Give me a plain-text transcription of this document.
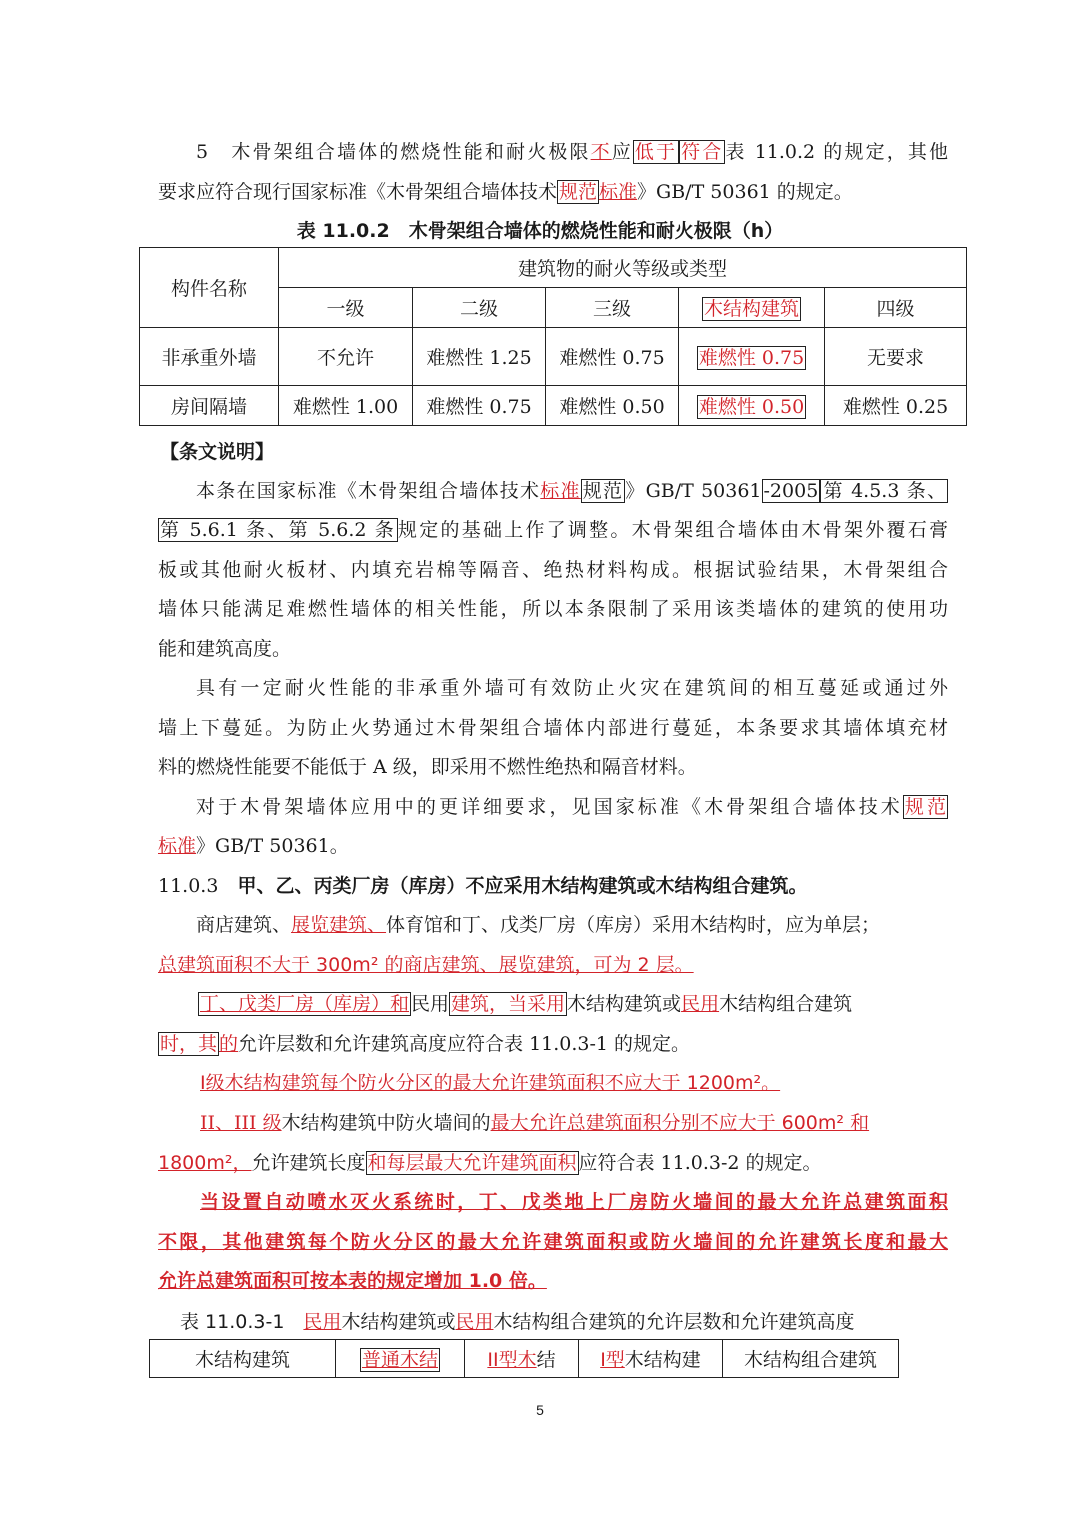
5　木骨架组合墙体的燃烧性能和耐火极限不应 低于 符合 表 11.0.2 的规定，其他
要求应符合现行国家标准《木骨架组合墙体技术 规范 标准》GB/T 50361 的规定。
表 11.0.2　木骨架组合墙体的燃烧性能和耐火极限（h）
构件名称	建筑物的耐火等级或类型				
	一级	二级	三级	木结构建筑	四级
非承重外墙	不允许	难燃性 1.25	难燃性 0.75	难燃性 0.75	无要求
房间隔墙	难燃性 1.00	难燃性 0.75	难燃性 0.50	难燃性 0.50	难燃性 0.25
【条文说明】
本条在国家标准《木骨架组合墙体技术标准 规范 》GB/T 50361 -2005 第 4.5.3 条、
第 5.6.1 条、第 5.6.2 条 规定的基础上作了调整。木骨架组合墙体由木骨架外覆石膏
板或其他耐火板材、内填充岩棉等隔音、绝热材料构成。根据试验结果，木骨架组合
墙体只能满足难燃性墙体的相关性能，所以本条限制了采用该类墙体的建筑的使用功
能和建筑高度。
具有一定耐火性能的非承重外墙可有效防止火灾在建筑间的相互蔓延或通过外
墙上下蔓延。为防止火势通过木骨架组合墙体内部进行蔓延，本条要求其墙体填充材
料的燃烧性能要不能低于 A 级，即采用不燃性绝热和隔音材料。
对于木骨架墙体应用中的更详细要求，见国家标准《木骨架组合墙体技术 规范
标准》GB/T 50361。
11.0.3　 甲、乙、丙类厂房（库房）不应采用木结构建筑或木结构组合建筑。
商店建筑、展览建筑、体育馆和丁、戊类厂房（库房）采用木结构时，应为单层；
总建筑面积不大于 300m² 的商店建筑、展览建筑，可为 2 层。
丁、戊类厂房（库房）和 民用 建筑，当采用 木结构建筑或民用木结构组合建筑
时，其 的允许层数和允许建筑高度应符合表 11.0.3-1 的规定。
I级木结构建筑每个防火分区的最大允许建筑面积不应大于 1200m²。
II、III 级木结构建筑中防火墙间的最大允许总建筑面积分别不应大于 600m² 和
1800m²，允许建筑长度 和每层最大允许建筑面积 应符合表 11.0.3-2 的规定。
当设置自动喷水灭火系统时，丁、戊类地上厂房防火墙间的最大允许总建筑面积
不限，其他建筑每个防火分区的最大允许建筑面积或防火墙间的允许建筑长度和最大
允许总建筑面积可按本表的规定增加 1.0 倍。
表 11.0.3-1　民用木结构建筑或民用木结构组合建筑的允许层数和允许建筑高度
木结构建筑	普通木结	II型木结	I型木结构建	木结构组合建筑
5
